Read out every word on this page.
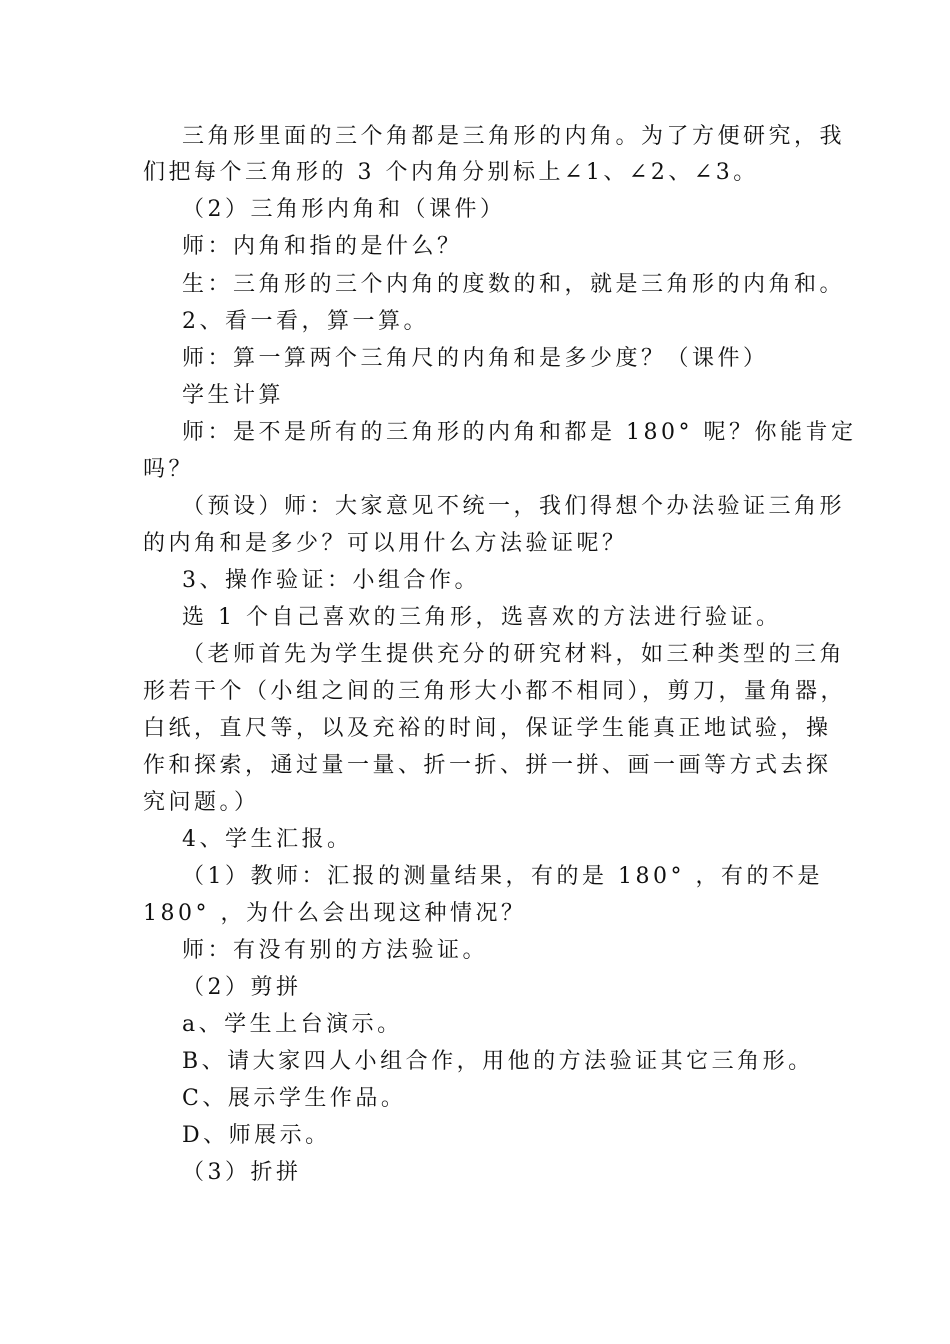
三角形里面的三个角都是三角形的内角。为了方便研究，我
们把每个三角形的 3 个内角分别标上∠1、∠2、∠3。
（2）三角形内角和（课件）
师：内角和指的是什么？
生：三角形的三个内角的度数的和，就是三角形的内角和。
2、看一看，算一算。
师：算一算两个三角尺的内角和是多少度？（课件）
学生计算
师：是不是所有的三角形的内角和都是 180° 呢？你能肯定
吗？
（预设）师：大家意见不统一，我们得想个办法验证三角形
的内角和是多少？可以用什么方法验证呢？
3、操作验证：小组合作。
选 1 个自己喜欢的三角形，选喜欢的方法进行验证。
（老师首先为学生提供充分的研究材料，如三种类型的三角
形若干个（小组之间的三角形大小都不相同），剪刀，量角器，
白纸，直尺等，以及充裕的时间，保证学生能真正地试验，操
作和探索，通过量一量、折一折、拼一拼、画一画等方式去探
究问题。）
4、学生汇报。
（1）教师：汇报的测量结果，有的是 180° ，有的不是
180° ，为什么会出现这种情况？
师：有没有别的方法验证。
（2）剪拼
a、学生上台演示。
B、请大家四人小组合作，用他的方法验证其它三角形。
C、展示学生作品。
D、师展示。
（3）折拼
